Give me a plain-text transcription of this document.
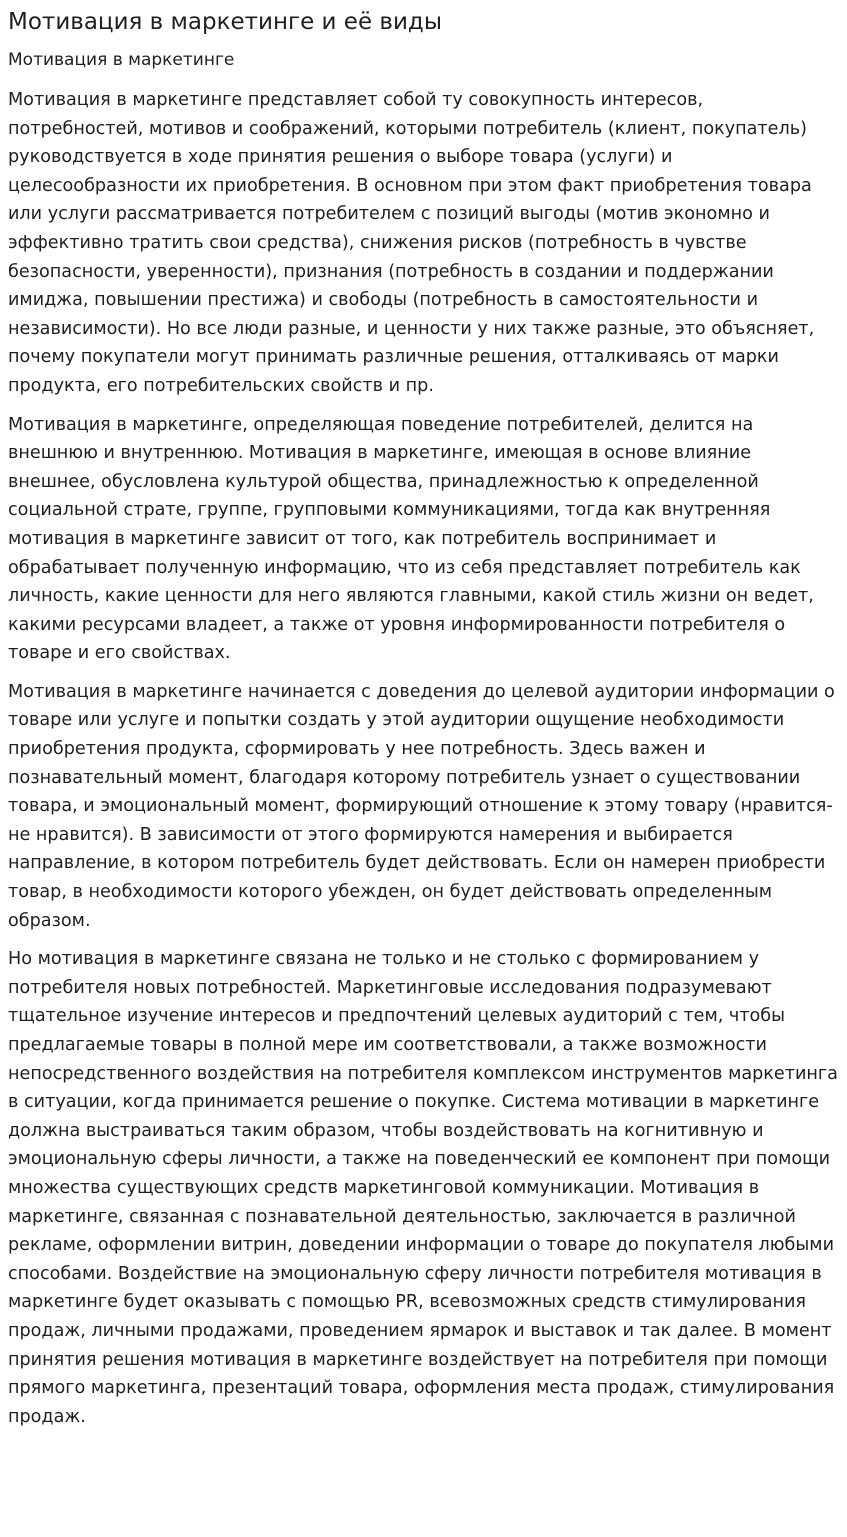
Мотивация в маркетинге и её виды
Мотивация в маркетинге

Мотивация в маркетинге представляет собой ту совокупность интересов, потребностей, мотивов и соображений, которыми потребитель (клиент, покупатель) руководствуется в ходе принятия решения о выборе товара (услуги) и целесообразности их приобретения. В основном при этом факт приобретения товара или услуги рассматривается потребителем с позиций выгоды (мотив экономно и эффективно тратить свои средства), снижения рисков (потребность в чувстве безопасности, уверенности), признания (потребность в создании и поддержании имиджа, повышении престижа) и свободы (потребность в самостоятельности и независимости). Но все люди разные, и ценности у них также разные, это объясняет, почему покупатели могут принимать различные решения, отталкиваясь от марки продукта, его потребительских свойств и пр.

Мотивация в маркетинге, определяющая поведение потребителей, делится на внешнюю и внутреннюю. Мотивация в маркетинге, имеющая в основе влияние внешнее, обусловлена культурой общества, принадлежностью к определенной социальной страте, группе, групповыми коммуникациями, тогда как внутренняя мотивация в маркетинге зависит от того, как потребитель воспринимает и обрабатывает полученную информацию, что из себя представляет потребитель как личность, какие ценности для него являются главными, какой стиль жизни он ведет, какими ресурсами владеет, а также от уровня информированности потребителя о товаре и его свойствах.

Мотивация в маркетинге начинается с доведения до целевой аудитории информации о товаре или услуге и попытки создать у этой аудитории ощущение необходимости приобретения продукта, сформировать у нее потребность. Здесь важен и познавательный момент, благодаря которому потребитель узнает о существовании товара, и эмоциональный момент, формирующий отношение к этому товару (нравится-не нравится). В зависимости от этого формируются намерения и выбирается направление, в котором потребитель будет действовать. Если он намерен приобрести товар, в необходимости которого убежден, он будет действовать определенным образом.

Но мотивация в маркетинге связана не только и не столько с формированием у потребителя новых потребностей. Маркетинговые исследования подразумевают тщательное изучение интересов и предпочтений целевых аудиторий с тем, чтобы предлагаемые товары в полной мере им соответствовали, а также возможности непосредственного воздействия на потребителя комплексом инструментов маркетинга в ситуации, когда принимается решение о покупке. Система мотивации в маркетинге должна выстраиваться таким образом, чтобы воздействовать на когнитивную и эмоциональную сферы личности, а также на поведенческий ее компонент при помощи множества существующих средств маркетинговой коммуникации. Мотивация в маркетинге, связанная с познавательной деятельностью, заключается в различной рекламе, оформлении витрин, доведении информации о товаре до покупателя любыми способами. Воздействие на эмоциональную сферу личности потребителя мотивация в маркетинге будет оказывать с помощью PR, всевозможных средств стимулирования продаж, личными продажами, проведением ярмарок и выставок и так далее. В момент принятия решения мотивация в маркетинге воздействует на потребителя при помощи прямого маркетинга, презентаций товара, оформления места продаж, стимулирования продаж.
